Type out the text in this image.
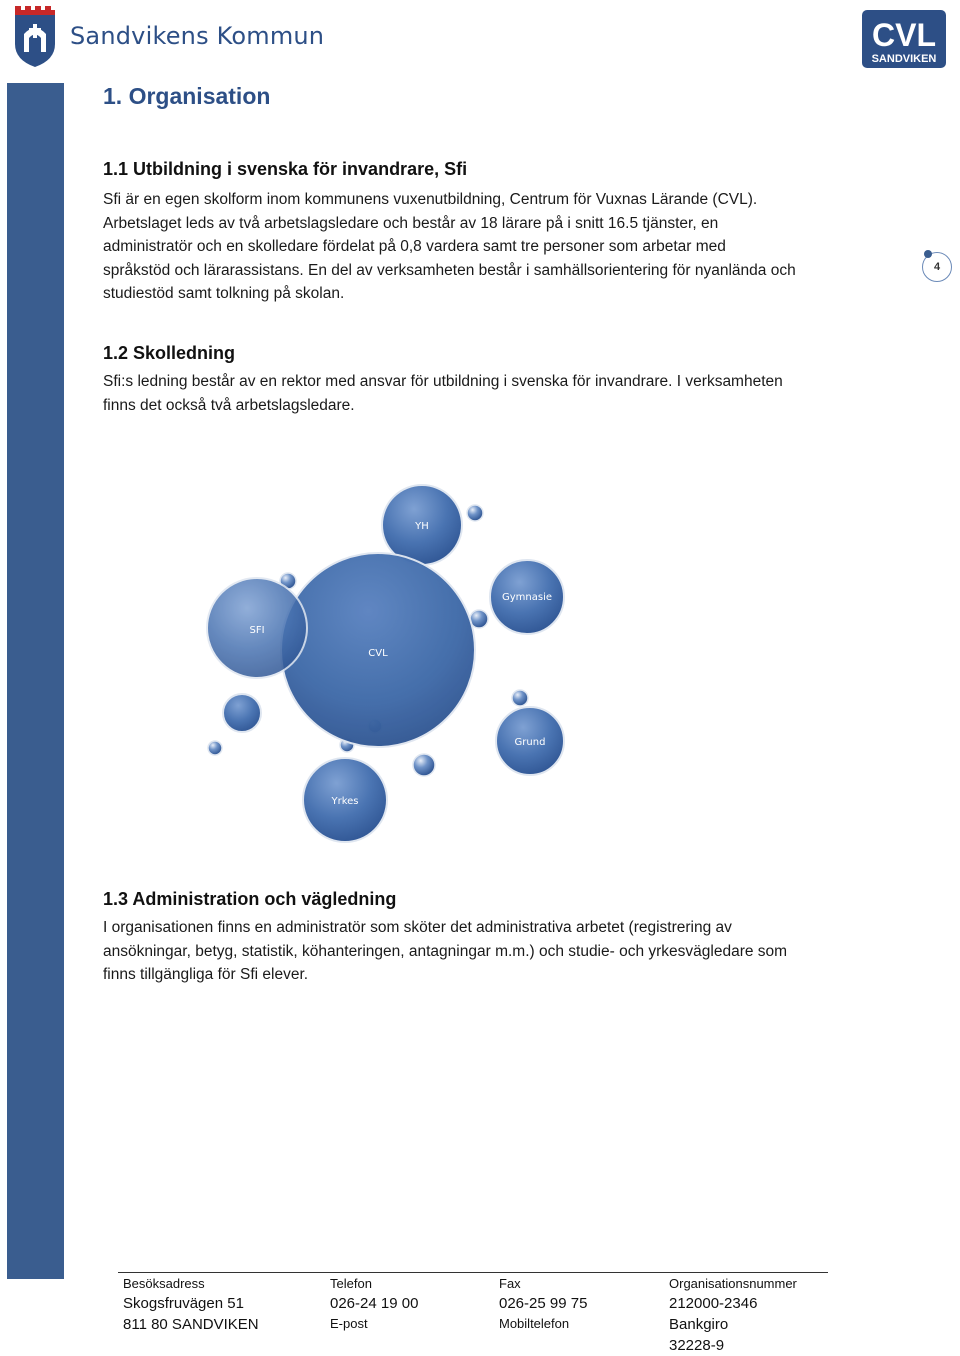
Sandvikens Kommun	CVL
SANDVIKEN
1. Organisation
1.1 Utbildning i svenska för invandrare, Sfi

Sfi är en egen skolform inom kommunens vuxenutbildning, Centrum för Vuxnas Lärande (CVL).
Arbetslaget leds av två arbetslagsledare och består av 18 lärare på i snitt 16.5 tjänster, en
administratör och en skolledare fördelat på 0,8 vardera samt tre personer som arbetar med
språkstöd och lärarassistans. En del av verksamheten består i samhällsorientering för nyanlända och
studiestöd samt tolkning på skolan.

4
1.2 Skolledning

Sfi:s ledning består av en rektor med ansvar för utbildning i svenska för invandrare. I verksamheten
finns det också två arbetslagsledare.

YH
Gymnasie
SFI
Grund
Yrkes
CVL
1.3 Administration och vägledning

I organisationen finns en administratör som sköter det administrativa arbetet (registrering av
ansökningar, betyg, statistik, köhanteringen, antagningar m.m.) och studie- och yrkesvägledare som
finns tillgängliga för Sfi elever.

Besöksadress
Skogsfruvägen 51
811 80 SANDVIKEN
Telefon
026-24 19 00
E-post
Fax
026-25 99 75
Mobiltelefon
Organisationsnummer
212000-2346
Bankgiro
32228-9
